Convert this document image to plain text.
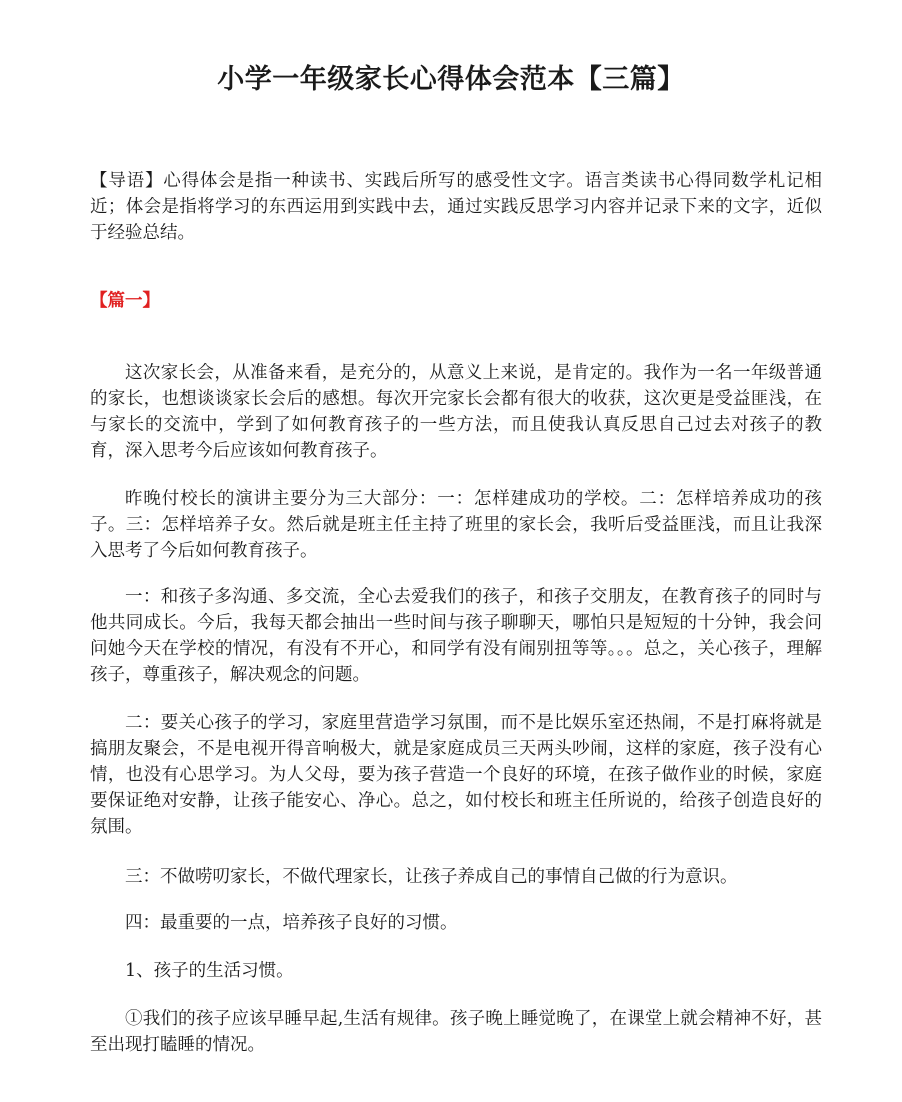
小学一年级家长心得体会范本【三篇】
【导语】心得体会是指一种读书、实践后所写的感受性文字。语言类读书心得同数学札记相近；体会是指将学习的东西运用到实践中去，通过实践反思学习内容并记录下来的文字，近似于经验总结。
【篇一】
这次家长会，从准备来看，是充分的，从意义上来说，是肯定的。我作为一名一年级普通的家长，也想谈谈家长会后的感想。每次开完家长会都有很大的收获，这次更是受益匪浅，在与家长的交流中，学到了如何教育孩子的一些方法，而且使我认真反思自己过去对孩子的教育，深入思考今后应该如何教育孩子。
昨晚付校长的演讲主要分为三大部分：一：怎样建成功的学校。二：怎样培养成功的孩子。三：怎样培养子女。然后就是班主任主持了班里的家长会，我听后受益匪浅，而且让我深入思考了今后如何教育孩子。
一：和孩子多沟通、多交流，全心去爱我们的孩子，和孩子交朋友，在教育孩子的同时与他共同成长。今后，我每天都会抽出一些时间与孩子聊聊天，哪怕只是短短的十分钟，我会问问她今天在学校的情况，有没有不开心，和同学有没有闹别扭等等。。。总之，关心孩子，理解孩子，尊重孩子，解决观念的问题。
二：要关心孩子的学习，家庭里营造学习氛围，而不是比娱乐室还热闹，不是打麻将就是搞朋友聚会，不是电视开得音响极大，就是家庭成员三天两头吵闹，这样的家庭，孩子没有心情，也没有心思学习。为人父母，要为孩子营造一个良好的环境，在孩子做作业的时候，家庭要保证绝对安静，让孩子能安心、净心。总之，如付校长和班主任所说的，给孩子创造良好的氛围。
三：不做唠叨家长，不做代理家长，让孩子养成自己的事情自己做的行为意识。
四：最重要的一点，培养孩子良好的习惯。
1、孩子的生活习惯。
①我们的孩子应该早睡早起,生活有规律。孩子晚上睡觉晚了，在课堂上就会精神不好，甚至出现打瞌睡的情况。
